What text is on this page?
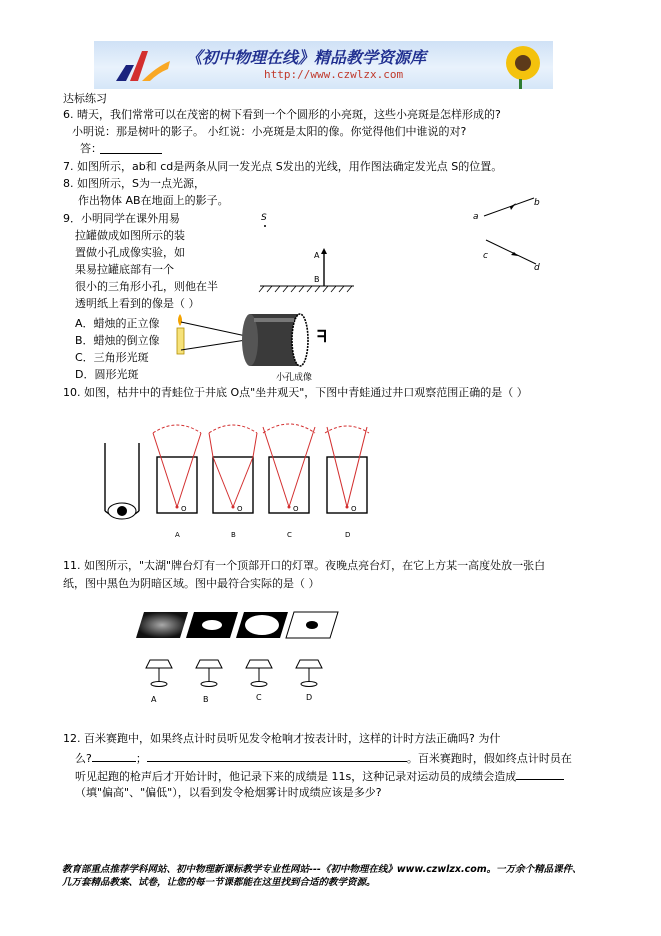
《初中物理在线》精品教学资源库
http://www.czwlzx.com
达标练习
6. 晴天，我们常常可以在茂密的树下看到一个个圆形的小亮斑，这些小亮斑是怎样形成的?
小明说：那是树叶的影子。 小红说：小亮斑是太阳的像。你觉得他们中谁说的对?
答：
7. 如图所示，ab和 cd是两条从同一发光点 S发出的光线，用作图法确定发光点 S的位置。
a
b
c
d
8. 如图所示，S为一点光源，
作出物体 AB在地面上的影子。
S
A
B
9．小明同学在课外用易
拉罐做成如图所示的装
置做小孔成像实验，如
果易拉罐底部有一个
很小的三角形小孔，则他在半
透明纸上看到的像是（ ）
A．蜡烛的正立像
B．蜡烛的倒立像
C．三角形光斑
D．圆形光斑
ᖷ
小孔成像
10. 如图，枯井中的青蛙位于井底 O点"坐井观天"，下图中青蛙通过井口观察范围正确的是（ ）
O
A
O
B
O
C
O
D
11. 如图所示，"太湖"牌台灯有一个顶部开口的灯罩。夜晚点亮台灯，在它上方某一高度处放一张白
纸，图中黑色为阴暗区域。图中最符合实际的是（ ）
A	B	C	D
12. 百米赛跑中，如果终点计时员听见发令枪响才按表计时，这样的计时方法正确吗? 为什
么?	；	。百米赛跑时，假如终点计时员在
听见起跑的枪声后才开始计时，他记录下来的成绩是 11s，这种记录对运动员的成绩会造成
（填"偏高"、"偏低"），以看到发令枪烟雾计时成绩应该是多少?
教育部重点推荐学科网站、初中物理新课标教学专业性网站---《初中物理在线》www.czwlzx.com。一万余个精品课件、
几万套精品教案、试卷，让您的每一节课都能在这里找到合适的教学资源。
